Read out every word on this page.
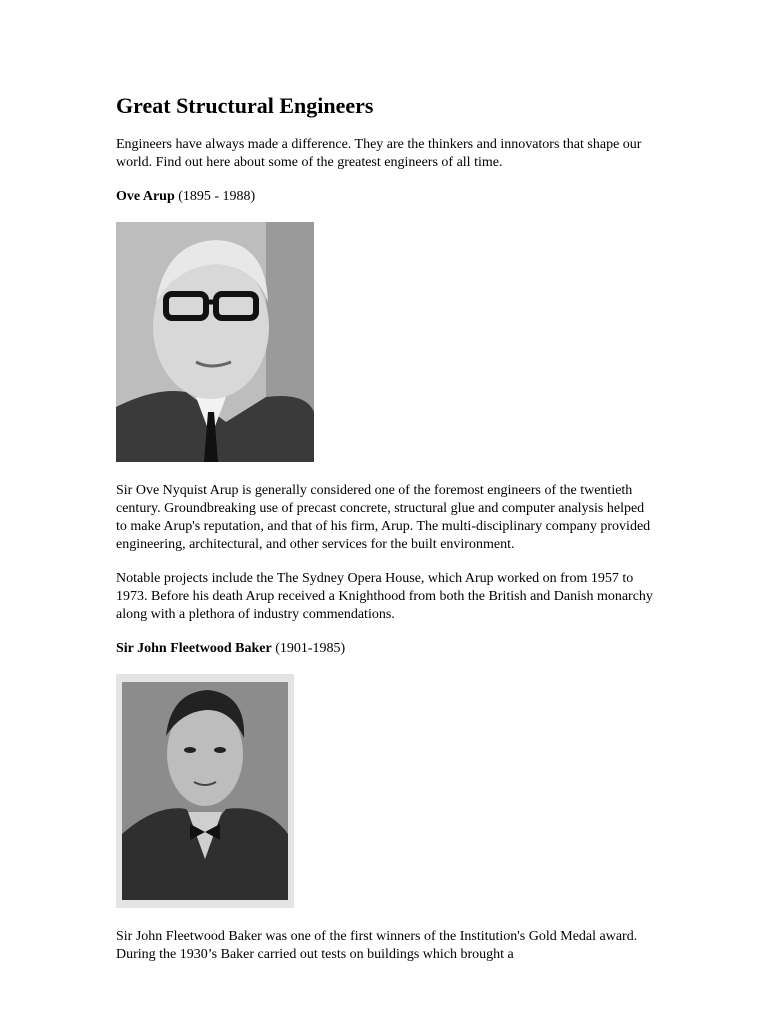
Great Structural Engineers

Engineers have always made a difference. They are the thinkers and innovators that shape our world. Find out here about some of the greatest engineers of all time.

Ove Arup (1895 - 1988)

Sir Ove Nyquist Arup is generally considered one of the foremost engineers of the twentieth century. Groundbreaking use of precast concrete, structural glue and computer analysis helped to make Arup's reputation, and that of his firm, Arup. The multi-disciplinary company provided engineering, architectural, and other services for the built environment.

Notable projects include the The Sydney Opera House, which Arup worked on from 1957 to 1973. Before his death Arup received a Knighthood from both the British and Danish monarchy along with a plethora of industry commendations.

Sir John Fleetwood Baker (1901-1985)

Sir John Fleetwood Baker was one of the first winners of the Institution's Gold Medal award. During the 1930’s Baker carried out tests on buildings which brought a
